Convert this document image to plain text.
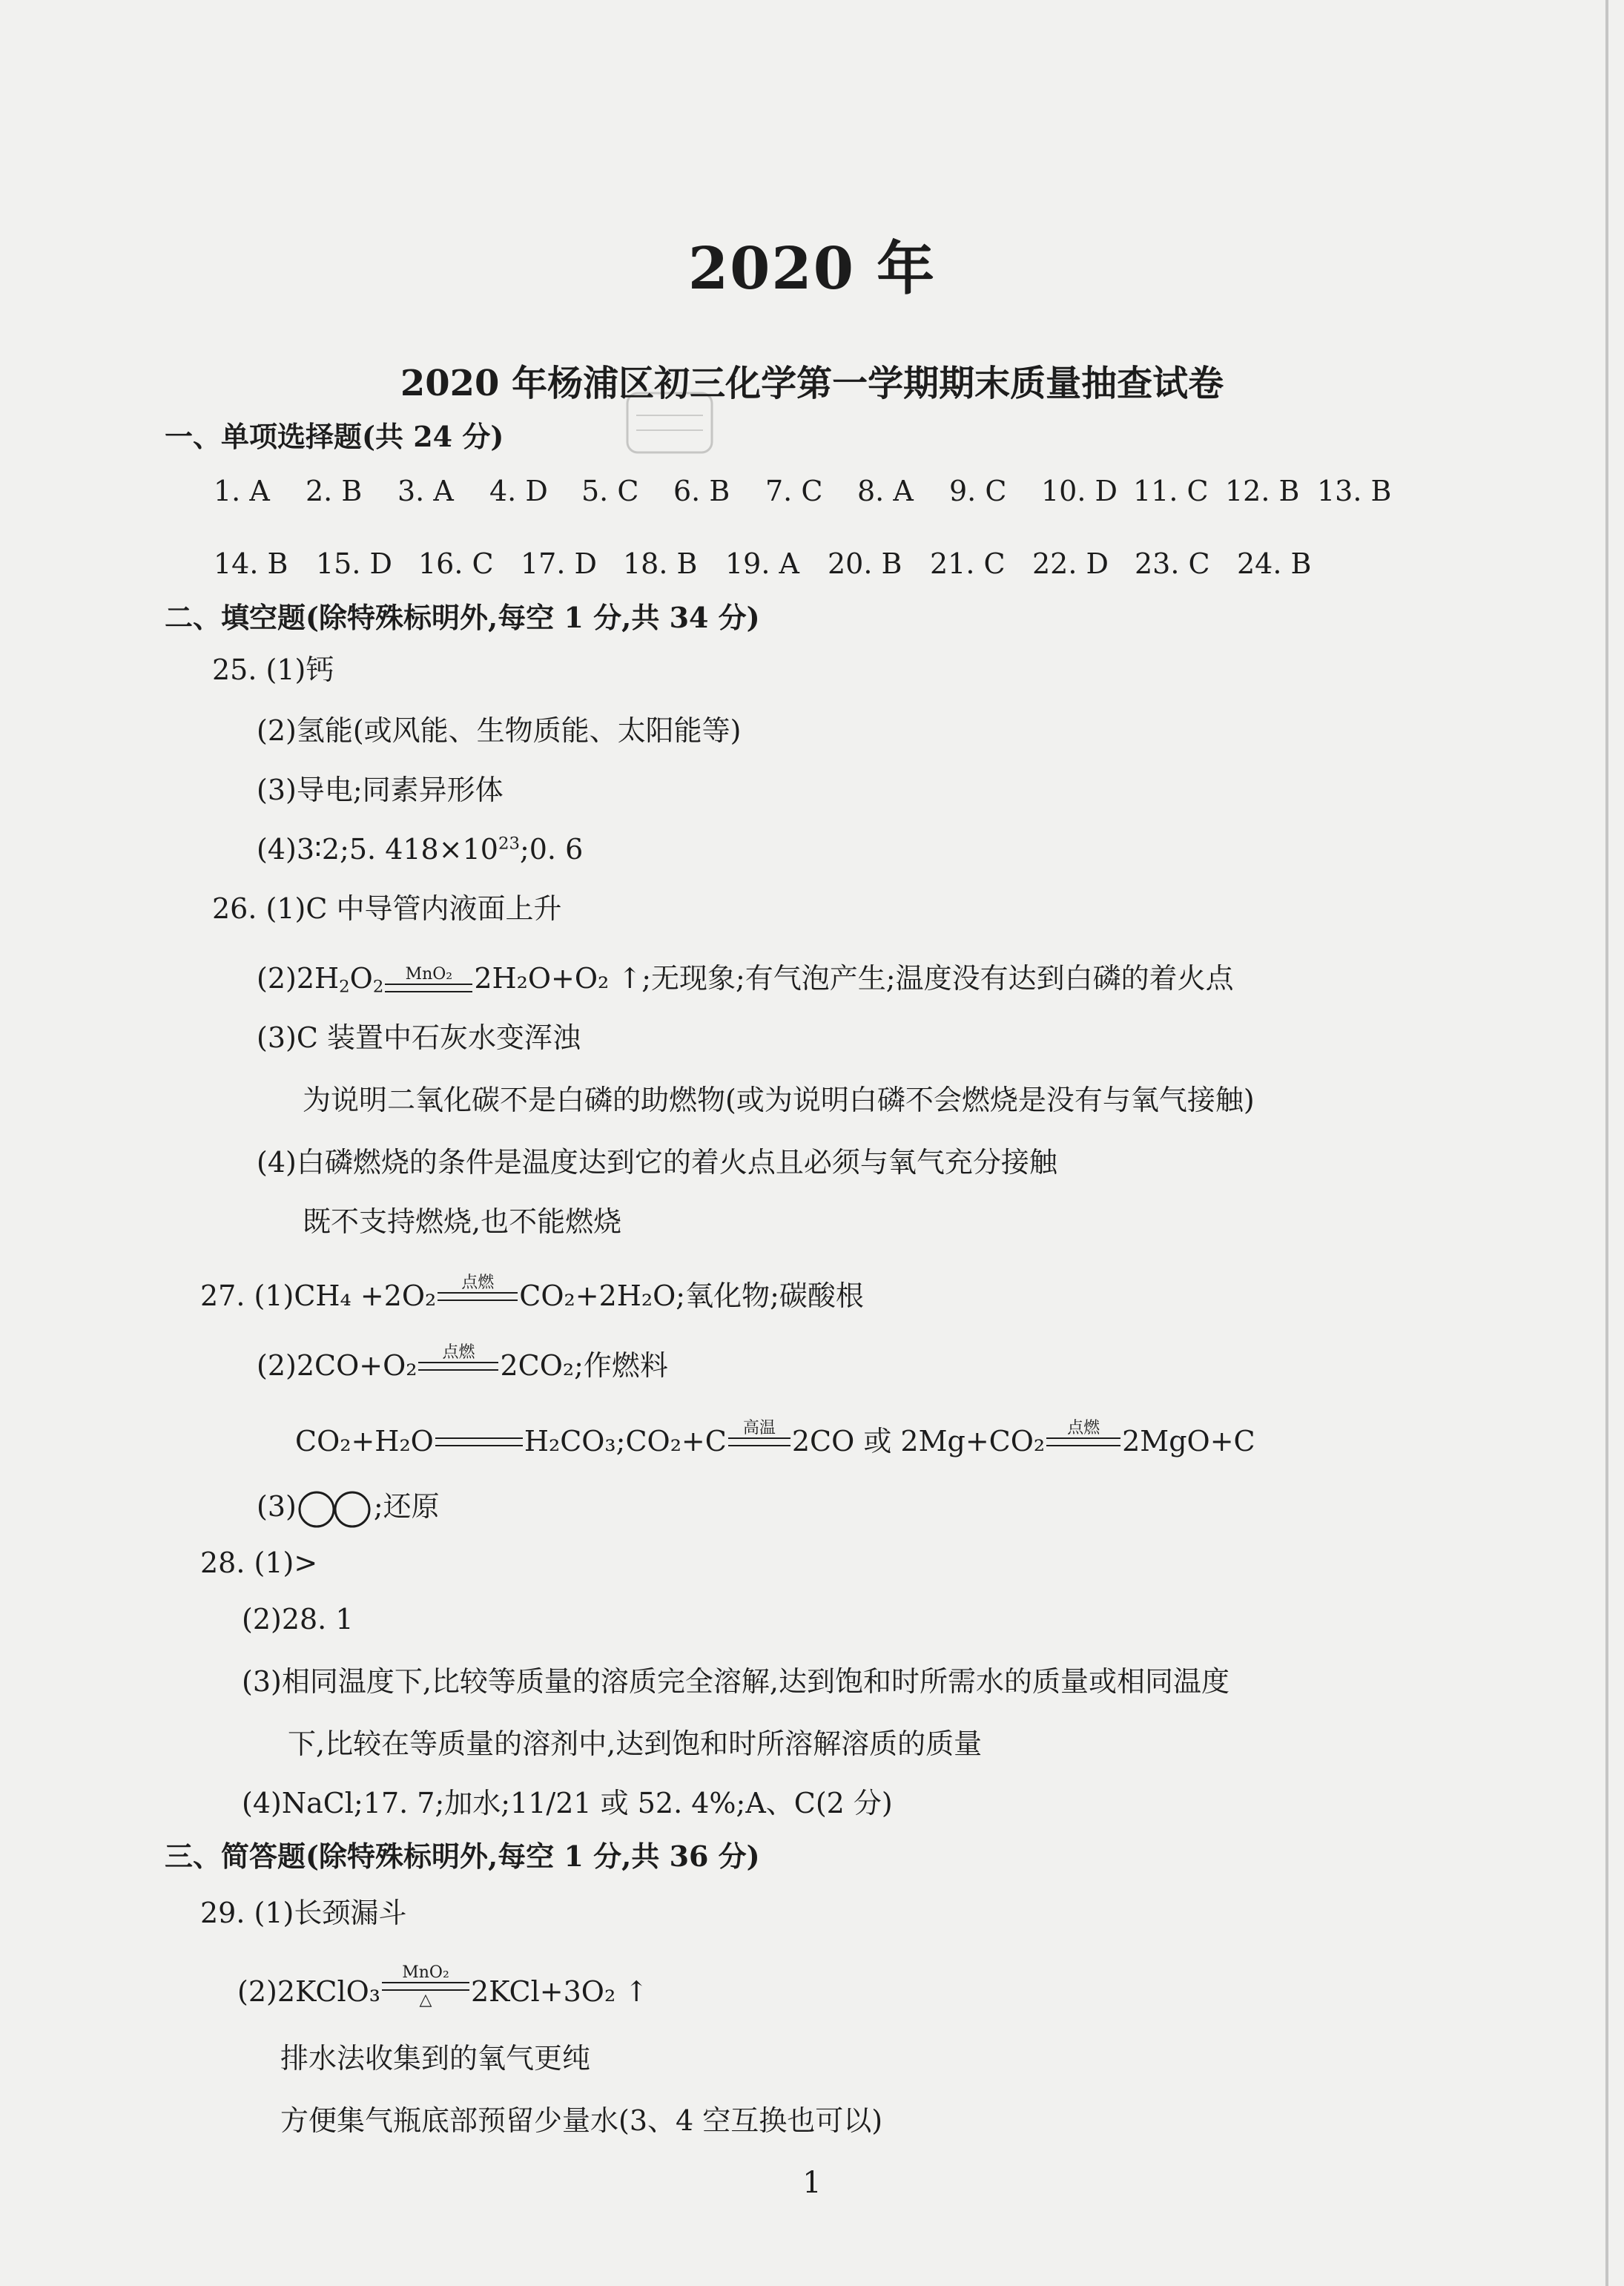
2020 年
2020 年杨浦区初三化学第一学期期末质量抽查试卷
一、单项选择题(共 24 分)
1. A	2. B	3. A	4. D	5. C	6. B	7. C	8. A	9. C	10. D 11. C 12. B 13. B
14. B 15. D 16. C 17. D 18. B 19. A	20. B 21. C 22. D 23. C 24. B
二、填空题(除特殊标明外,每空 1 分,共 34 分)
25. (1)钙
(2)氢能(或风能、生物质能、太阳能等)
(3)导电;同素异形体
(4)3∶2;5. $418\times 10^{23};0$. 6
26. (1)C 中导管内液面上升
$(2)2H_2O_2$
MnO₂ 2H₂O+O₂ ↑;无现象;有气泡产生;温度没有达到白磷的着火点
(3)C 装置中石灰水变浑浊
为说明二氧化碳不是白磷的助燃物(或为说明白磷不会燃烧是没有与氧气接触)
(4)白磷燃烧的条件是温度达到它的着火点且必须与氧气充分接触
既不支持燃烧,也不能燃烧
27. (1)CH₄ +2O₂	点燃 CO₂+2H₂O;氧化物;碳酸根
(2)2CO+O₂	点燃 2CO₂;作燃料
CO₂+H₂O	H₂CO₃;CO₂+C 高温 2CO 或 2Mg+CO₂	点燃 2MgO+C
(3)	;还原
28. (1)>
(2)28. 1
(3)相同温度下,比较等质量的溶质完全溶解,达到饱和时所需水的质量或相同温度
下,比较在等质量的溶剂中,达到饱和时所溶解溶质的质量
(4)NaCl;17. 7;加水;11/21 或 52. 4%;A、C(2 分)
三、简答题(除特殊标明外,每空 1 分,共 36 分)
29. (1)长颈漏斗
(2)2KClO₃
MnO₂
△	2KCl+3O₂ ↑
排水法收集到的氧气更纯
方便集气瓶底部预留少量水(3、4 空互换也可以)
1
